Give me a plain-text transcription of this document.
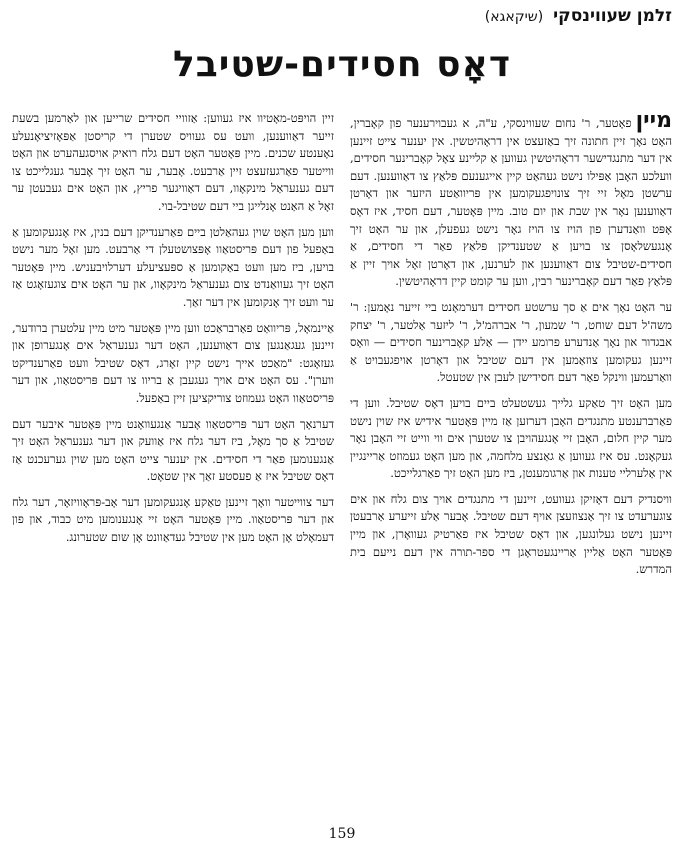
זלמן שעווינסקי
(שיקאגא)
דאָס חסידים-שטיבל

מייןפאָטער, ר' נחום שעווינסקי, ע"ה, א געבוירענער פון קאָברין, האָט נאָך זיין חתונה זיך באַזעצט אין דראָהיטשין. אין יענער צייט זיינען אין דער מתנגדישער דראָהיטשין געווען אַ קליינע צאָל קאָברינער חסידים, וועלכע האָבן אַפּילו נישט געהאַט קיין אייגענעם פּלאַץ צו דאַווענען. דעם ערשטן מאָל זיי זיך צונויפגעקומען אין פּריוואַטע היזער און דאָרטן דאַווענען נאָר אין שבת און יום טוב. מיין פּאָטער, דעם חסיד, איז דאָס אָפּט וואַנדערן פון הויז צו הויז גאָר נישט געפעלן, און ער האָט זיך אָנגעשלאָסן צו בויען אַ שטענדיקן פּלאַץ פאַר די חסידים, אַ חסידים-שטיבל צום דאַווענען און לערנען, און דאָרטן זאָל אויך זיין אַ פּלאַץ פאַר דעם קאָברינער רבין, ווען ער קומט קיין דראָהיטשין.

ער האָט נאָך אים אַ סך ערשטע חסידים דערמאָנט ביי זייער נאָמען: ר' משה'ל דעם שוחט, ר' שמעון, ר' אברהמ'ל, ר' ליזער אַלטער, ר' יצחק אבגדור און נאָך אַנדערע פרומע יידן — אַלע קאָברינער חסידים — וואָס זיינען געקומען צוזאַמען אין דעם שטיבל און דאָרטן אויפגעבויט אַ וואַרעמען ווינקל פאַר דעם חסידישן לעבן אין שטעטל.

מען האָט זיך טאַקע גלייך געשטעלט ביים בויען דאָס שטיבל. ווען די פאַרברענטע מתנגדים האָבן דערזען אַז מיין פּאָטער אידיש איז שוין נישט מער קיין חלום, האָבן זיי אָנגעהויבן צו שטערן אים ווי ווייט זיי האָבן נאָר געקאָנט. עס איז געווען אַ גאַנצע מלחמה, און מען האָט געמוזט אַריינגיין אין אַלערליי טענות און אַרגומענטן, ביז מען האָט זיך פאַרגלייכט.

וויסנדיק דעם דאָזיקן געוועט, זיינען די מתנגדים אויך צום גלח און אים צוגערעדט צו זיך אַנצוזעצן אויף דעם שטיבל. אָבער אַלע זייערע אַרבעטן זיינען נישט געלונגען, און דאָס שטיבל איז פאַרטיק געוואָרן, און מיין פּאָטער האָט אַליין אַריינגעטראָגן די ספר-תורה אין דעם נייעם בית המדרש.

זיין הויפּט-מאָטיוו איז געווען: אַזוויי חסידים שרייען און לאַרמען בשעת זייער דאַווענען, וועט עס געוויס שטערן די קריסטן אַפּאָזיציאָנעלע נאָענטע שכנים. מיין פּאָטער האָט דעם גלח רואיק אויסגעהערט און האָט ווייטער פאַרגעזעצט זיין אַרבעט. אָבער, ער האָט זיך אָבער געגלייכט צו דעם גענעראַל מינקאָוו, דעם דאַוויגער פריץ, און האָט אים געבעטן ער זאָל אַ האַנט אָנלייגן ביי דעם שטיבל-בוי.

ווען מען האָט שוין געהאַלטן ביים פאַרענדיקן דעם בנין, איז אָנגעקומען אַ באַפעל פון דעם פּריסטאַוו אָפּצושטעלן די אַרבעט. מען זאָל מער נישט בויען, ביז מען וועט באַקומען אַ ספּעציעלע דערלויבעניש. מיין פּאָטער האָט זיך געוואַנדט צום גענעראַל מינקאָוו, און ער האָט אים צוגעזאָגט אַז ער וועט זיך אָנקומען אין דער זאַך.

אַיינמאָל, פּריוואַט פאַרבראַכט ווען מיין פּאָטער מיט מיין עלטערן ברודער, זיינען געגאַנגען צום דאַווענען, האָט דער גענעראַל אים אָנגערופן און געזאָגט: "מאַכט אייך נישט קיין זאָרג, דאָס שטיבל וועט פאַרענדיקט ווערן". עס האָט אים אויך געגעבן אַ בריוו צו דעם פּריסטאַוו, און דער פּריסטאַוו האָט געמוזט צוריקציען זיין באַפעל.

דערנאָך האָט דער פּריסטאַוו אָבער אַנגעוואָנט מיין פּאָטער איבער דעם שטיבל אַ סך מאָל, ביז דער גלח איז אַוועק און דער גענעראַל האָט זיך אַנגענומען פאַר די חסידים. אין יענער צייט האָט מען שוין גערעכנט אַז דאָס שטיבל איז אַ פעסטע זאַך אין שטאָט.

דער צווייטער וואָך זיינען טאַקע אָנגעקומען דער אָב-פּראָוויזאָר, דער גלח און דער פּריסטאַוו. מיין פּאָטער האָט זיי אָנגענומען מיט כבוד, און פון דעמאָלט אָן האָט מען אין שטיבל געדאַוונט אָן שום שטערונג.

159
